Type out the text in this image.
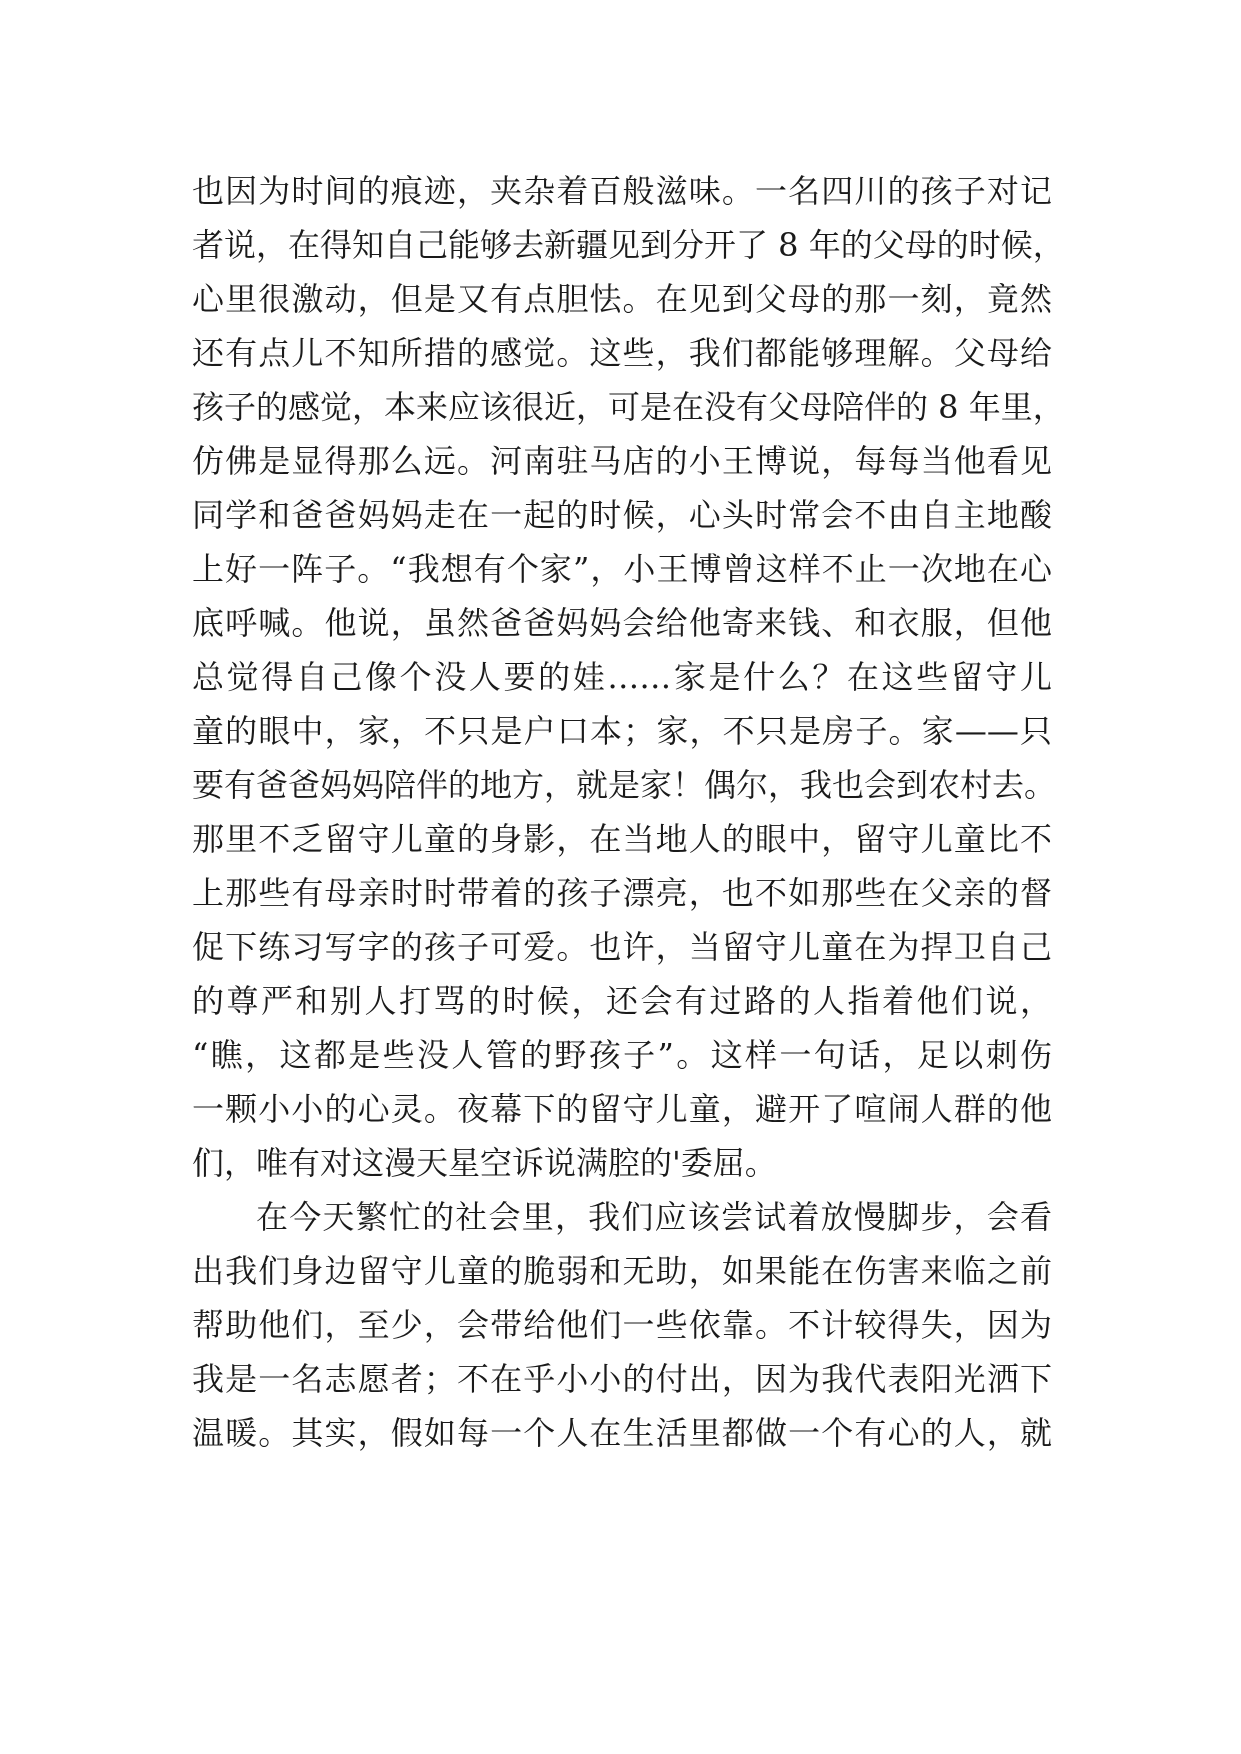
也因为时间的痕迹，夹杂着百般滋味。一名四川的孩子对记
者说，在得知自己能够去新疆见到分开了 8 年的父母的时候，
心里很激动，但是又有点胆怯。在见到父母的那一刻，竟然
还有点儿不知所措的感觉。这些，我们都能够理解。父母给
孩子的感觉，本来应该很近，可是在没有父母陪伴的 8 年里，
仿佛是显得那么远。河南驻马店的小王博说，每每当他看见
同学和爸爸妈妈走在一起的时候，心头时常会不由自主地酸
上好一阵子。“我想有个家”，小王博曾这样不止一次地在心
底呼喊。他说，虽然爸爸妈妈会给他寄来钱、和衣服，但他
总觉得自己像个没人要的娃……家是什么？在这些留守儿
童的眼中，家，不只是户口本；家，不只是房子。家——只
要有爸爸妈妈陪伴的地方，就是家！偶尔，我也会到农村去。
那里不乏留守儿童的身影，在当地人的眼中，留守儿童比不
上那些有母亲时时带着的孩子漂亮，也不如那些在父亲的督
促下练习写字的孩子可爱。也许，当留守儿童在为捍卫自己
的尊严和别人打骂的时候，还会有过路的人指着他们说，
“瞧，这都是些没人管的野孩子”。这样一句话，足以刺伤
一颗小小的心灵。夜幕下的留守儿童，避开了喧闹人群的他
们，唯有对这漫天星空诉说满腔的'委屈。
在今天繁忙的社会里，我们应该尝试着放慢脚步，会看
出我们身边留守儿童的脆弱和无助，如果能在伤害来临之前
帮助他们，至少，会带给他们一些依靠。不计较得失，因为
我是一名志愿者；不在乎小小的付出，因为我代表阳光洒下
温暖。其实，假如每一个人在生活里都做一个有心的人，就
